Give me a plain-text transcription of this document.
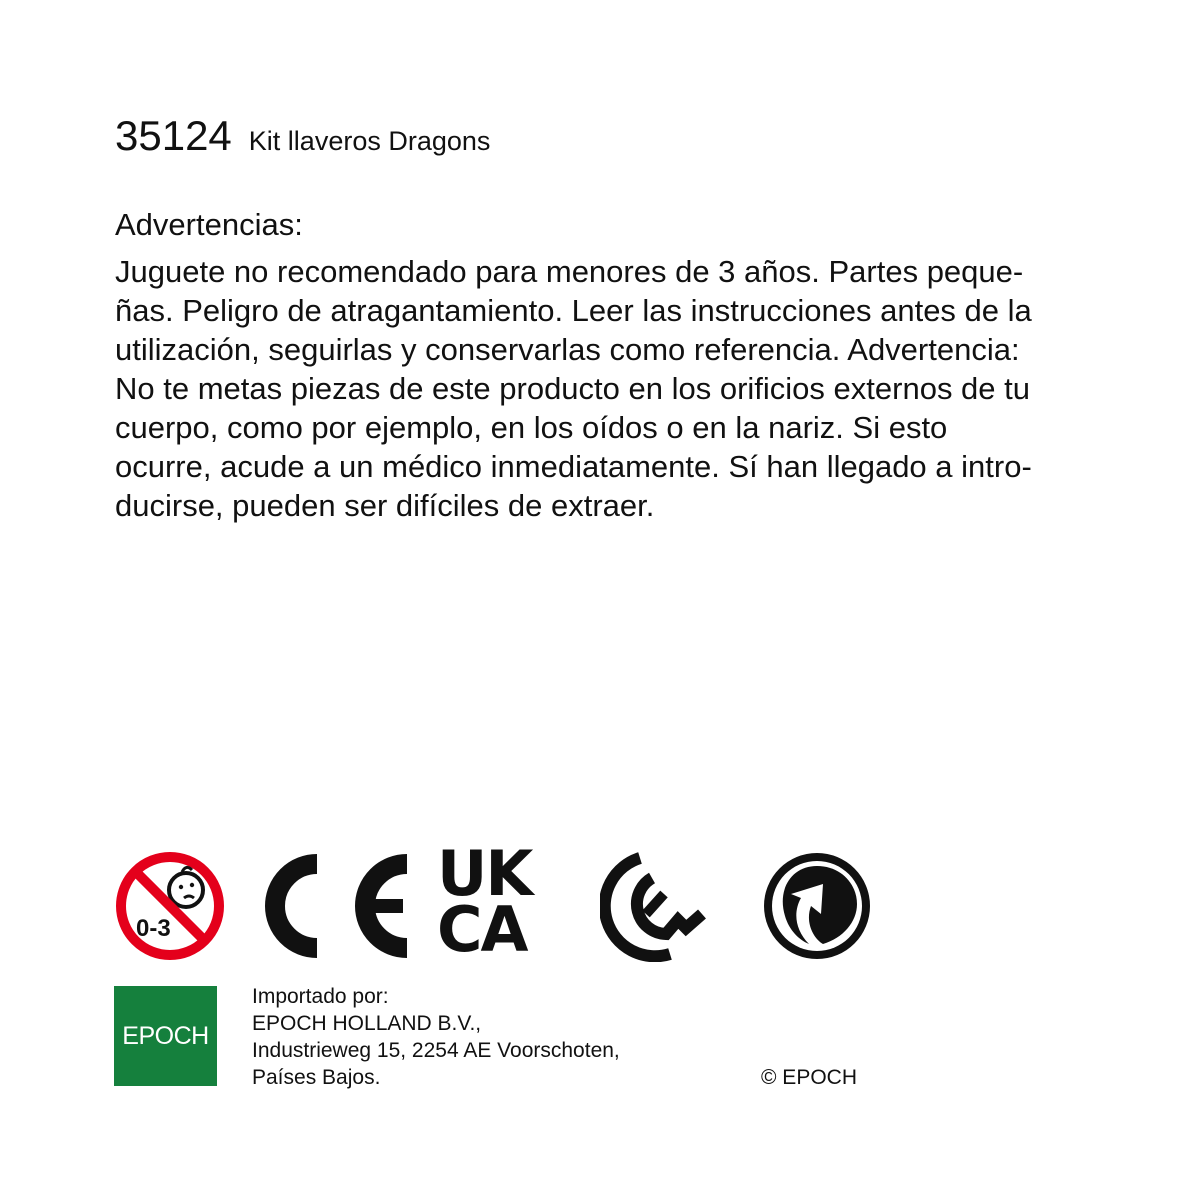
35124 Kit llaveros Dragons
Advertencias:
Juguete no recomendado para menores de 3 años. Partes peque-
ñas. Peligro de atragantamiento. Leer las instrucciones antes de la
utilización, seguirlas y conservarlas como referencia. Advertencia:
No te metas piezas de este producto en los orificios externos de tu
cuerpo, como por ejemplo, en los oídos o en la nariz. Si esto
ocurre, acude a un médico inmediatamente. Sí han llegado a intro-
ducirse, pueden ser difíciles de extraer.
0-3
UK
CA
EPOCH
Importado por:
EPOCH HOLLAND B.V.,
Industrieweg 15, 2254 AE Voorschoten,
Países Bajos.	© EPOCH
